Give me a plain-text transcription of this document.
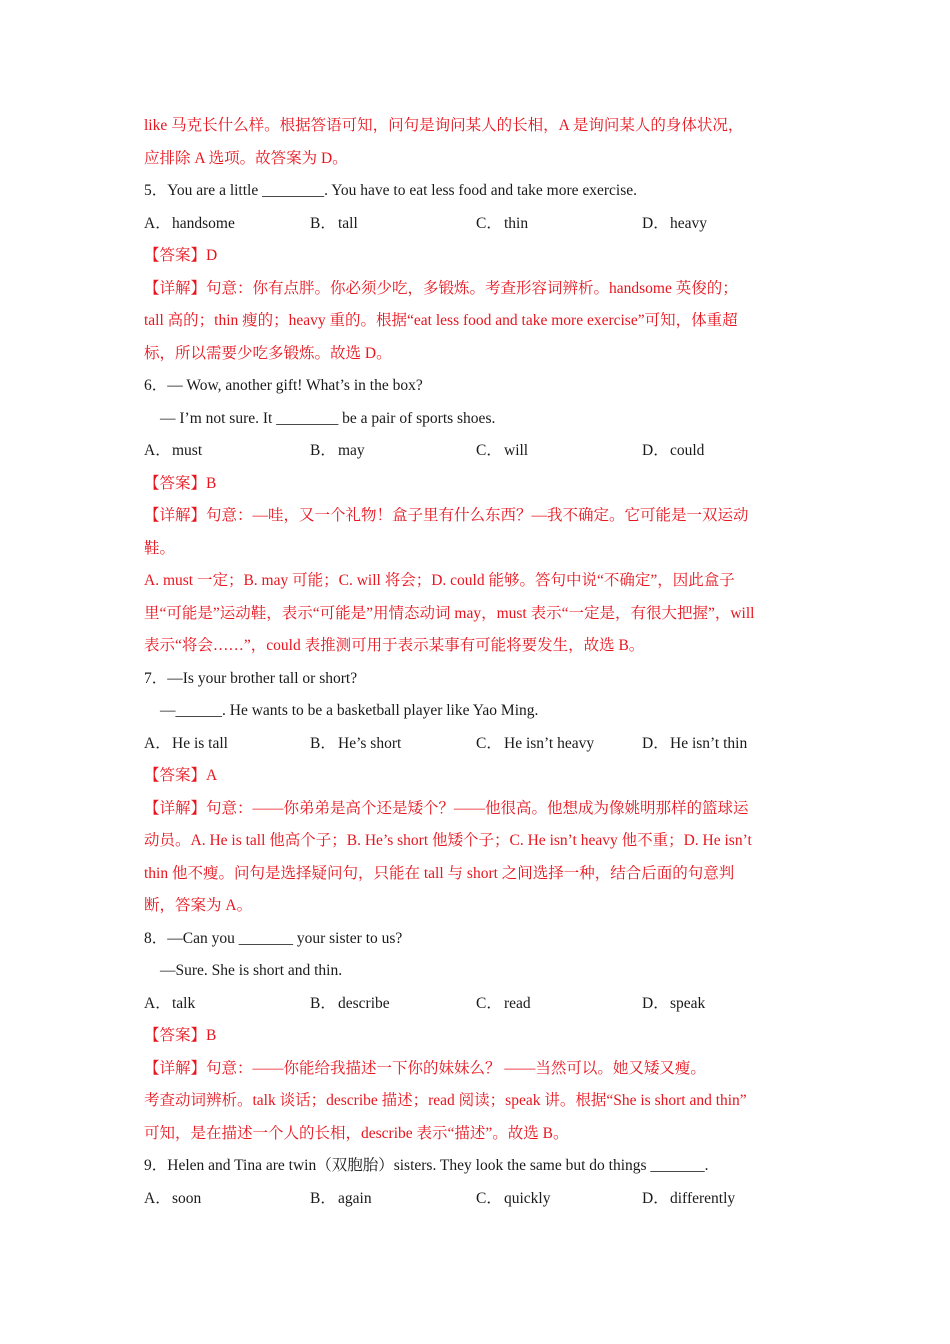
like 马克长什么样。根据答语可知，问句是询问某人的长相，A 是询问某人的身体状况，
应排除 A 选项。故答案为 D。
5．You are a little ________. You have to eat less food and take more exercise.
A．handsome	B． tall	C． thin	D．heavy
【答案】D
【详解】句意：你有点胖。你必须少吃，多锻炼。考查形容词辨析。handsome 英俊的；
tall 高的；thin 瘦的；heavy 重的。根据“eat less food and take more exercise”可知，体重超
标，所以需要少吃多锻炼。故选 D。
6．— Wow, another gift! What’s in the box?
— I’m not sure. It ________ be a pair of sports shoes.
A．must	B． may	C． will	D．could
【答案】B
【详解】句意：—哇，又一个礼物！盒子里有什么东西？—我不确定。它可能是一双运动
鞋。
A. must 一定；B. may 可能；C. will 将会；D. could 能够。答句中说“不确定”，因此盒子
里“可能是”运动鞋，表示“可能是”用情态动词 may，must 表示“一定是，有很大把握”，will
表示“将会……”，could 表推测可用于表示某事有可能将要发生，故选 B。
7．—Is your brother tall or short?
—______. He wants to be a basketball player like Yao Ming.
A．He is tall	B． He’s short	C． He isn’t heavy	D．He isn’t thin
【答案】A
【详解】句意：——你弟弟是高个还是矮个？——他很高。他想成为像姚明那样的篮球运
动员。A. He is tall 他高个子；B. He’s short 他矮个子；C. He isn’t heavy 他不重；D. He isn’t
thin 他不瘦。问句是选择疑问句，只能在 tall 与 short 之间选择一种，结合后面的句意判
断，答案为 A。
8．—Can you _______ your sister to us?
—Sure. She is short and thin.
A．talk	B． describe	C． read	D．speak
【答案】B
【详解】句意：——你能给我描述一下你的妹妹么？ ——当然可以。她又矮又瘦。
考查动词辨析。talk 谈话；describe 描述；read 阅读；speak 讲。根据“She is short and thin”
可知，是在描述一个人的长相，describe 表示“描述”。故选 B。
9．Helen and Tina are twin（双胞胎）sisters. They look the same but do things _______.
A．soon	B． again	C． quickly	D．differently
